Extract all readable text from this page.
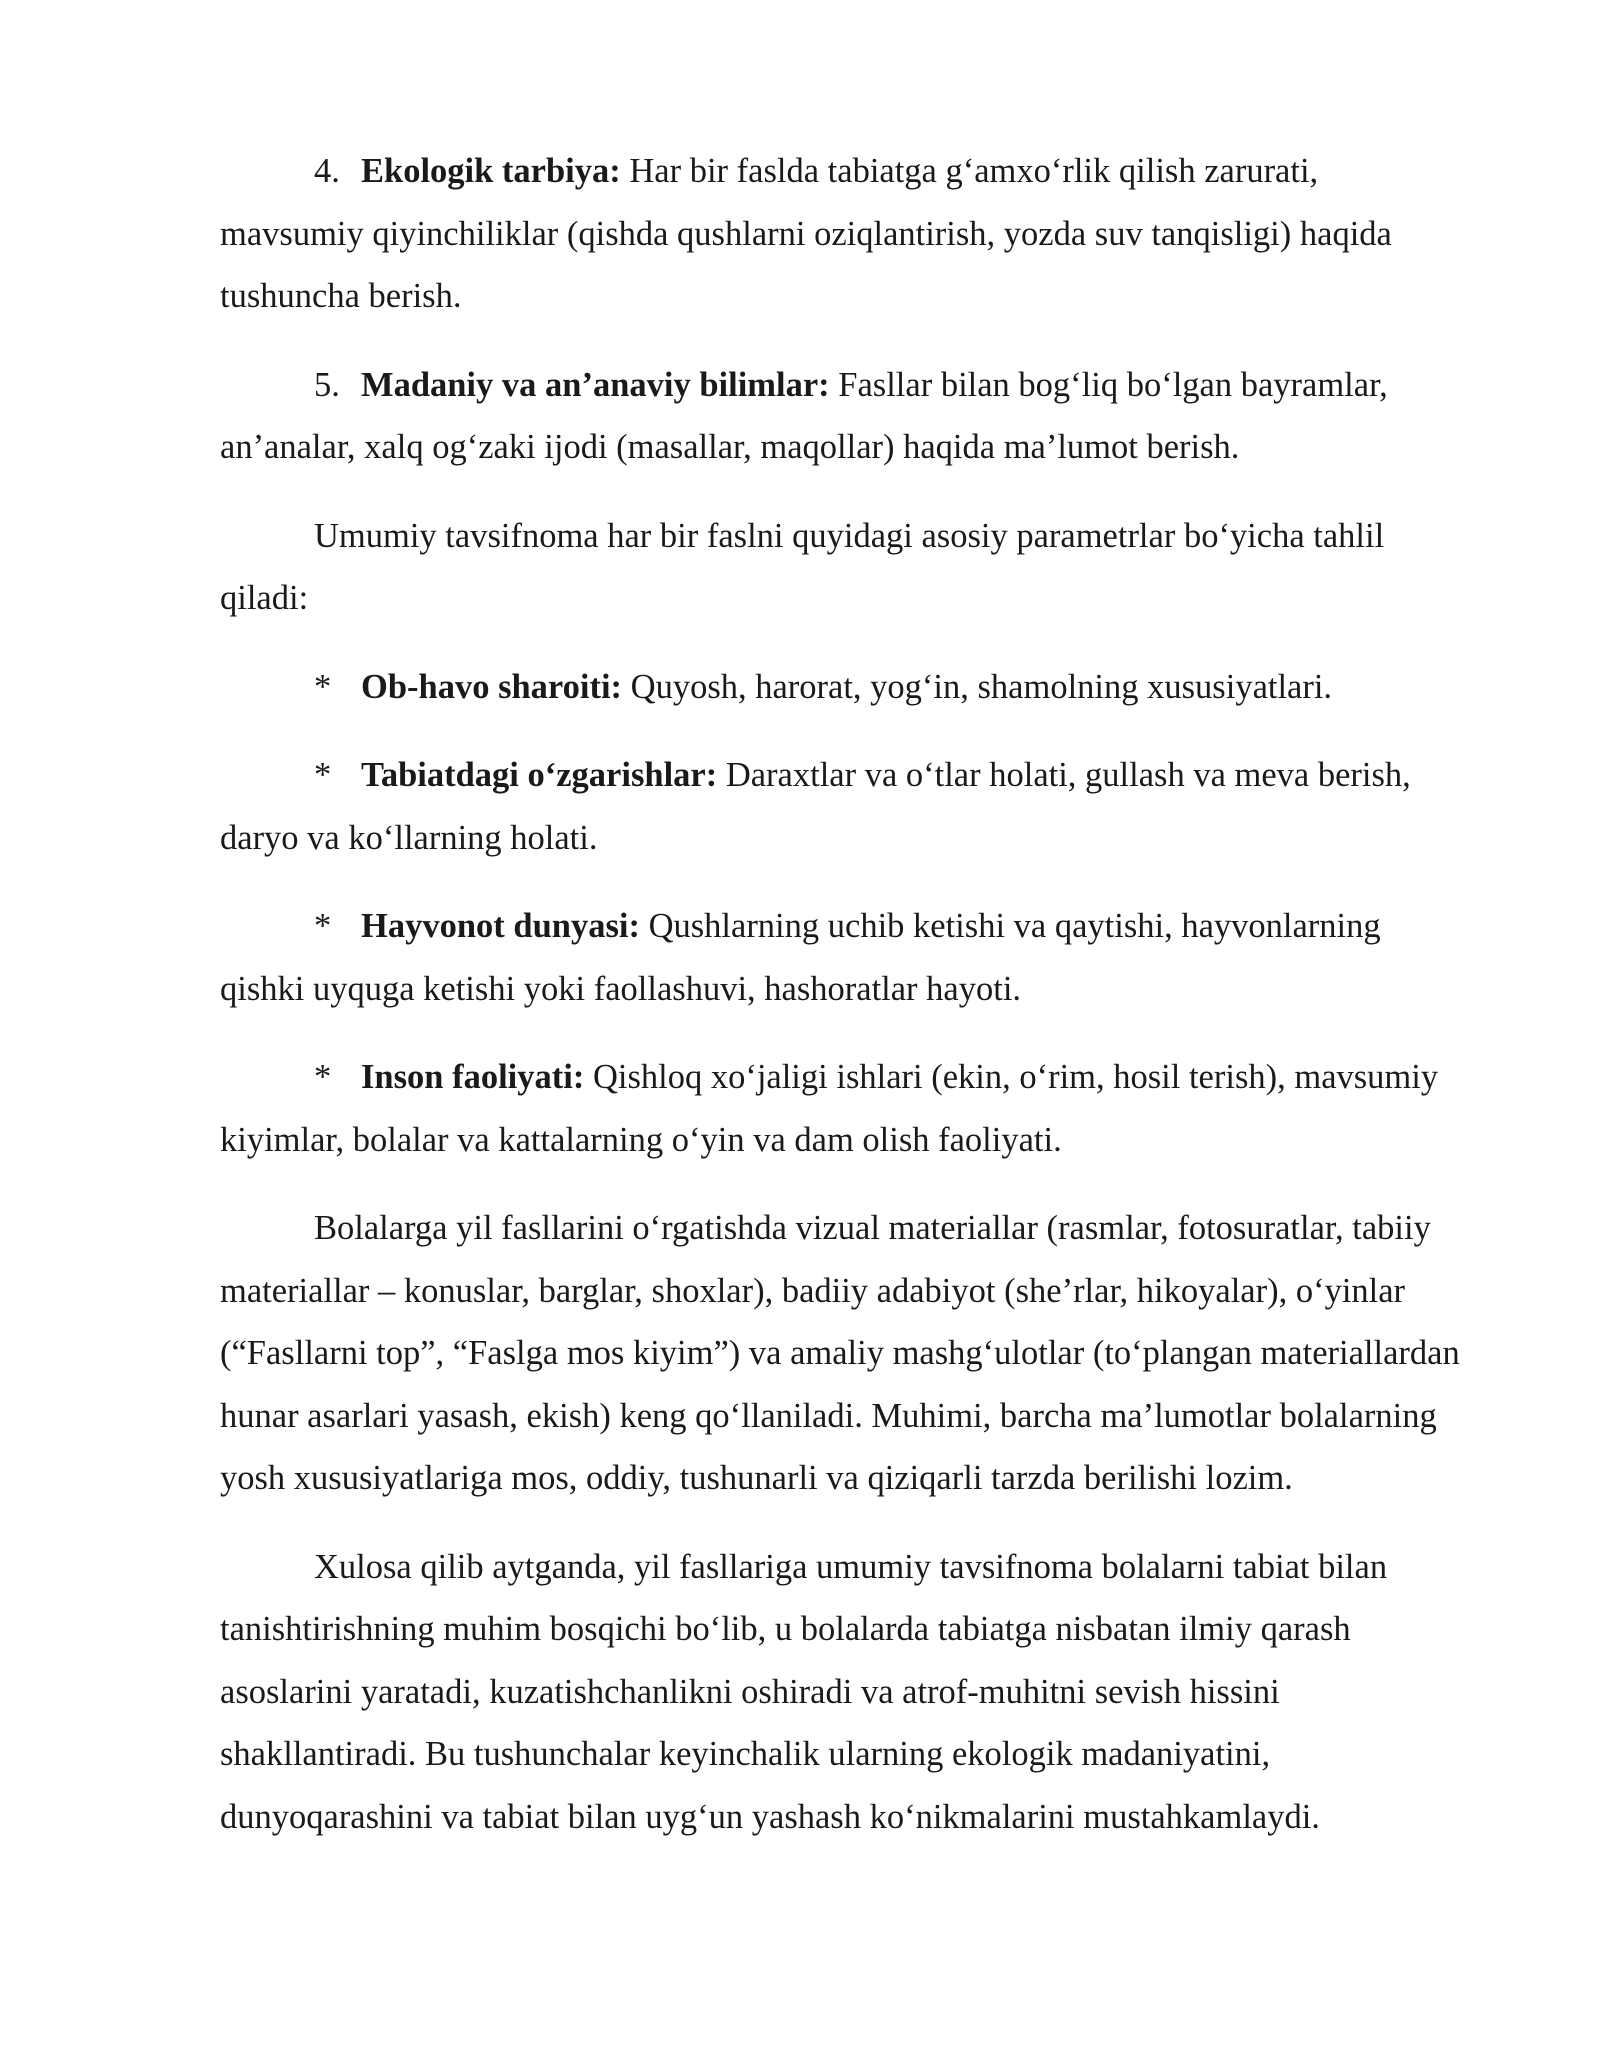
4. Ekologik tarbiya: Har bir faslda tabiatga g‘amxo‘rlik qilish zarurati, mavsumiy qiyinchiliklar (qishda qushlarni oziqlantirish, yozda suv tanqisligi) haqida tushuncha berish.

5. Madaniy va an’anaviy bilimlar: Fasllar bilan bog‘liq bo‘lgan bayramlar, an’analar, xalq og‘zaki ijodi (masallar, maqollar) haqida ma’lumot berish.

Umumiy tavsifnoma har bir faslni quyidagi asosiy parametrlar bo‘yicha tahlil qiladi:

* Ob-havo sharoiti: Quyosh, harorat, yog‘in, shamolning xususiyatlari.

* Tabiatdagi o‘zgarishlar: Daraxtlar va o‘tlar holati, gullash va meva berish, daryo va ko‘llarning holati.

* Hayvonot dunyasi: Qushlarning uchib ketishi va qaytishi, hayvonlarning qishki uyquga ketishi yoki faollashuvi, hashoratlar hayoti.

* Inson faoliyati: Qishloq xo‘jaligi ishlari (ekin, o‘rim, hosil terish), mavsumiy kiyimlar, bolalar va kattalarning o‘yin va dam olish faoliyati.

Bolalarga yil fasllarini o‘rgatishda vizual materiallar (rasmlar, fotosuratlar, tabiiy materiallar – konuslar, barglar, shoxlar), badiiy adabiyot (she’rlar, hikoyalar), o‘yinlar (“Fasllarni top”, “Faslga mos kiyim”) va amaliy mashg‘ulotlar (to‘plangan materiallardan hunar asarlari yasash, ekish) keng qo‘llaniladi. Muhimi, barcha ma’lumotlar bolalarning yosh xususiyatlariga mos, oddiy, tushunarli va qiziqarli tarzda berilishi lozim.

Xulosa qilib aytganda, yil fasllariga umumiy tavsifnoma bolalarni tabiat bilan tanishtirishning muhim bosqichi bo‘lib, u bolalarda tabiatga nisbatan ilmiy qarash asoslarini yaratadi, kuzatishchanlikni oshiradi va atrof-muhitni sevish hissini shakllantiradi. Bu tushunchalar keyinchalik ularning ekologik madaniyatini, dunyoqarashini va tabiat bilan uyg‘un yashash ko‘nikmalarini mustahkamlaydi.
